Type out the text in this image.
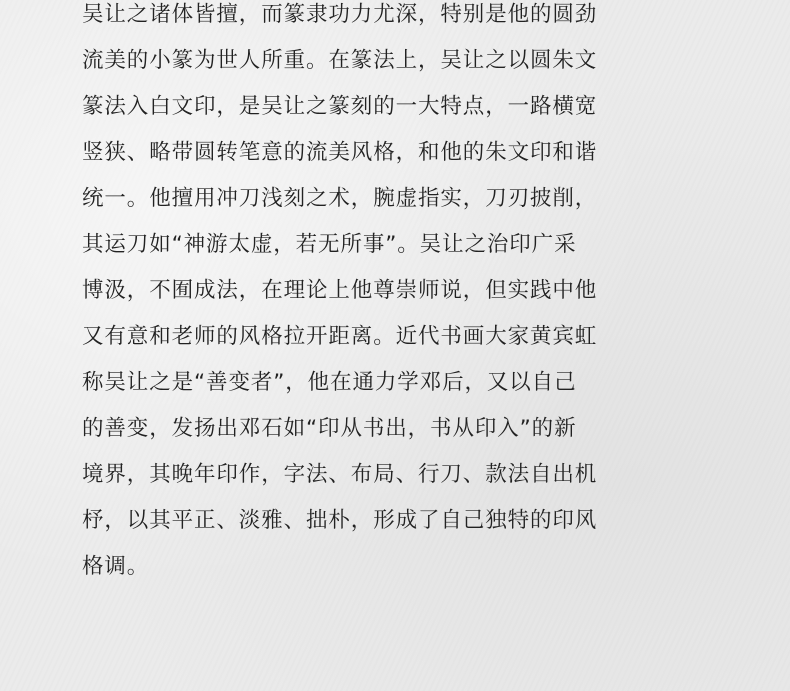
吴让之诸体皆擅，而篆隶功力尤深，特别是他的圆劲
流美的小篆为世人所重。在篆法上，吴让之以圆朱文
篆法入白文印，是吴让之篆刻的一大特点，一路横宽
竖狭、略带圆转笔意的流美风格，和他的朱文印和谐
统一。他擅用冲刀浅刻之术，腕虚指实，刀刃披削，
其运刀如“神游太虚，若无所事”。吴让之治印广采
博汲，不囿成法，在理论上他尊崇师说，但实践中他
又有意和老师的风格拉开距离。近代书画大家黄宾虹
称吴让之是“善变者”，他在通力学邓后，又以自己
的善变，发扬出邓石如“印从书出，书从印入”的新
境界，其晚年印作，字法、布局、行刀、款法自出机
杼，以其平正、淡雅、拙朴，形成了自己独特的印风
格调。
